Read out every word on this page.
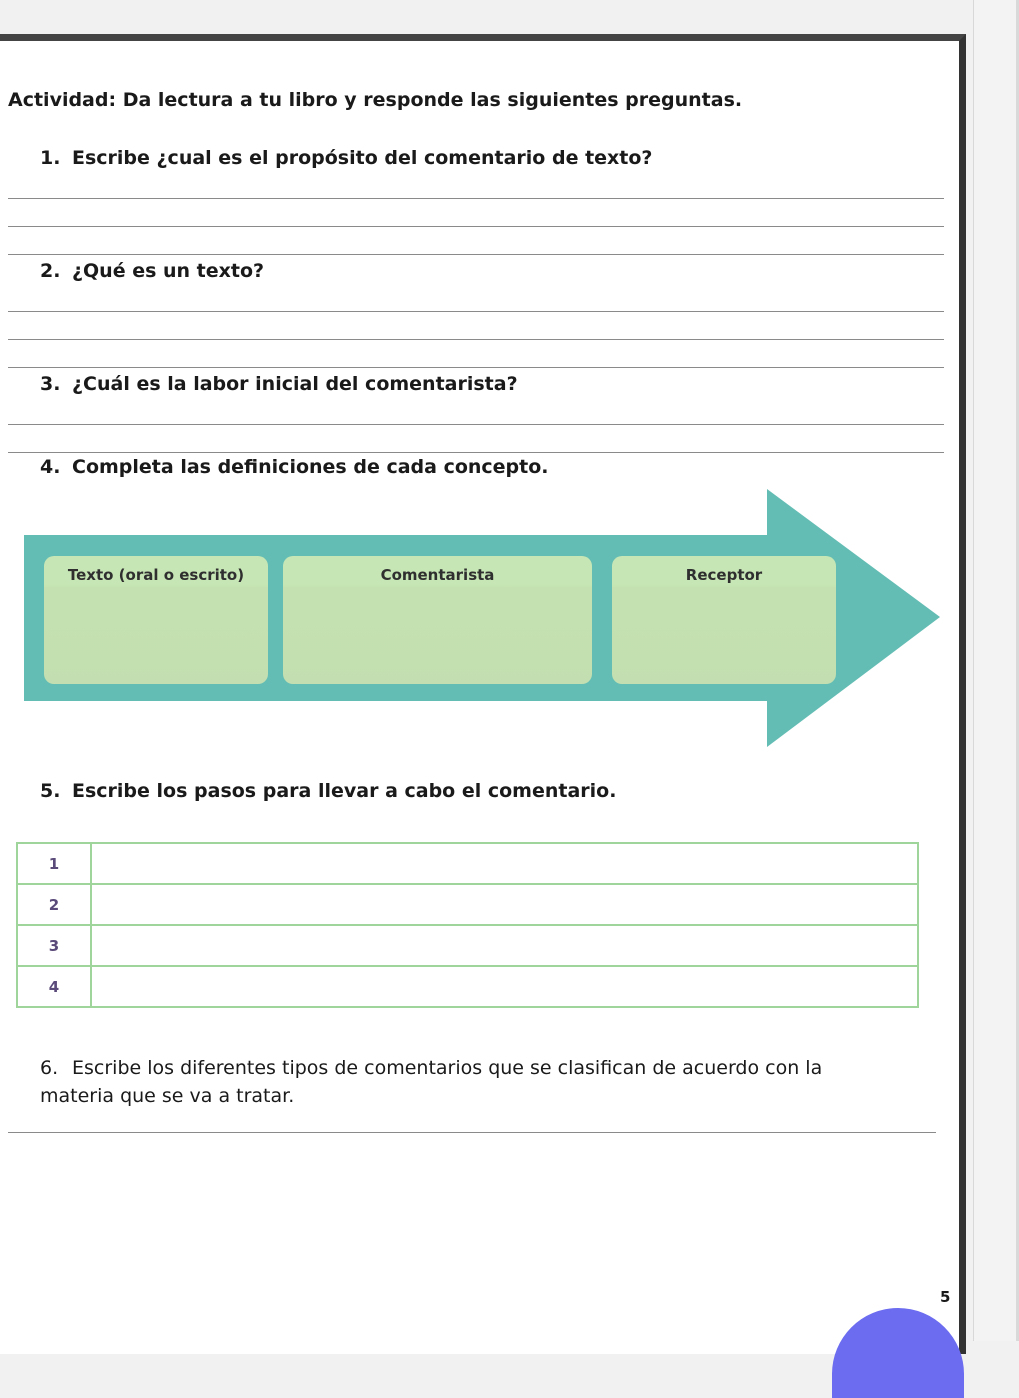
Actividad: Da lectura a tu libro y responde las siguientes preguntas.
1. Escribe ¿cual es el propósito del comentario de texto?
2. ¿Qué es un texto?
3. ¿Cuál es la labor inicial del comentarista?
4. Completa las definiciones de cada concepto.
Texto (oral o escrito)	Comentarista	Receptor
5. Escribe los pasos para llevar a cabo el comentario.
1	
2	
3	
4	
6. Escribe los diferentes tipos de comentarios que se clasifican de acuerdo con la materia que se va a tratar.
5
